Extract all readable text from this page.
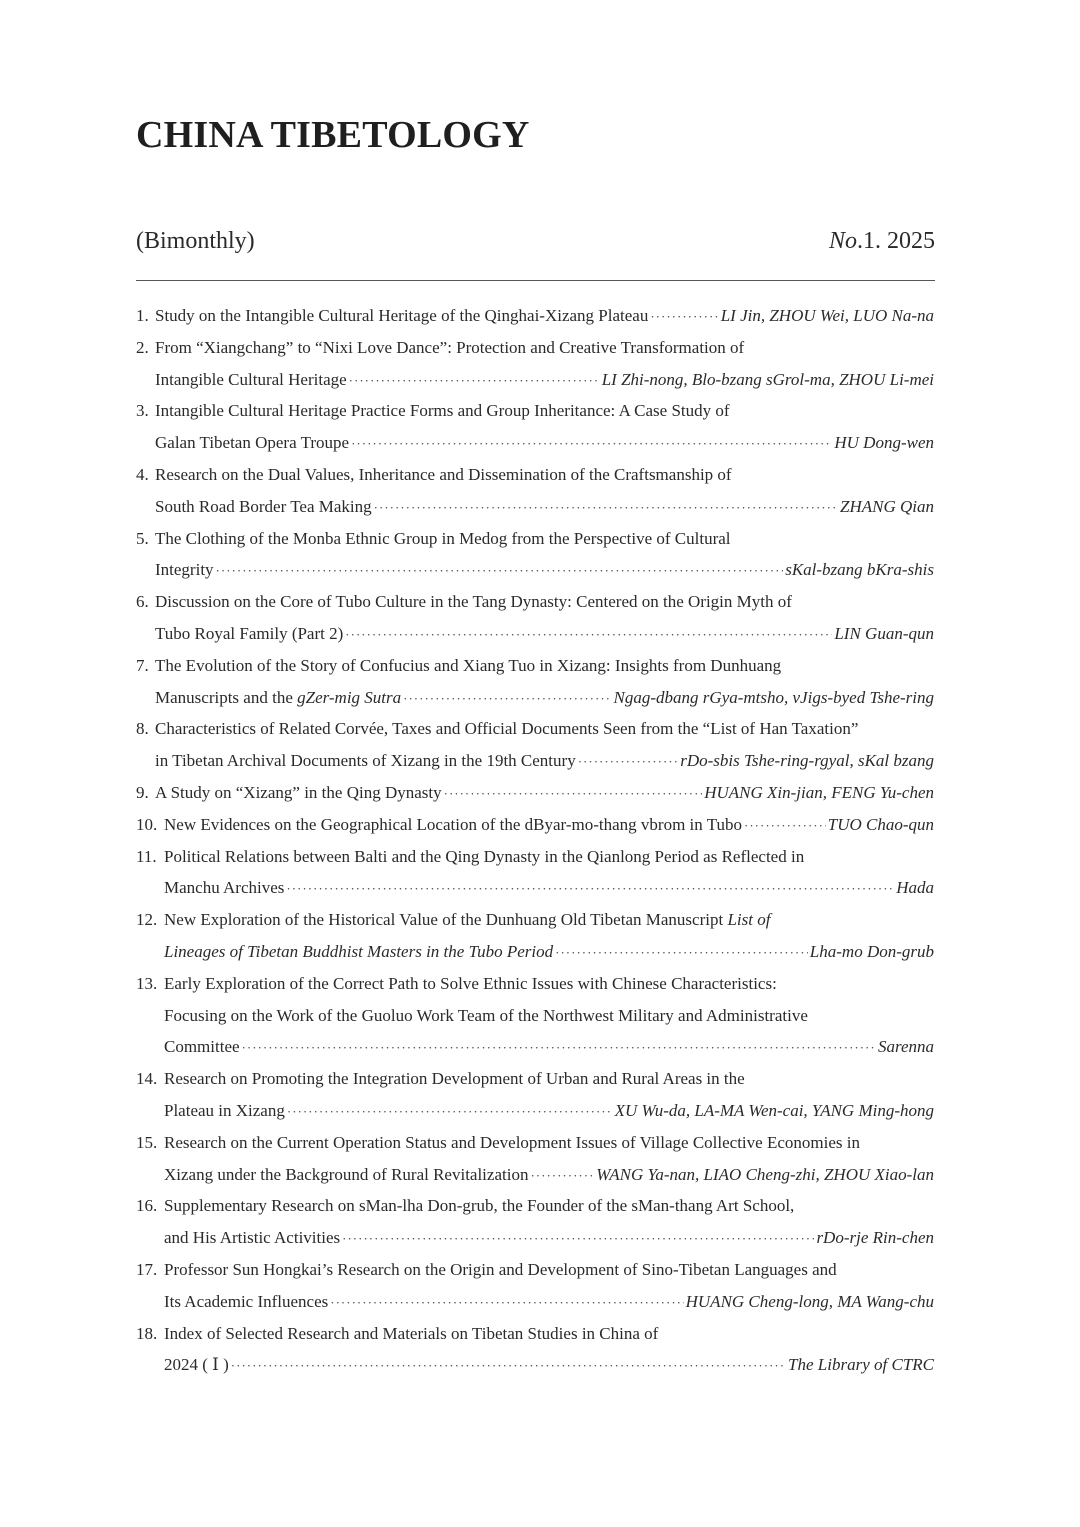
CHINA TIBETOLOGY
(Bimonthly)	No.1. 2025
1. Study on the Intangible Cultural Heritage of the Qinghai-Xizang Plateau ·····	LI Jin, ZHOU Wei, LUO Na-na
2. From “Xiangchang” to “Nixi Love Dance”: Protection and Creative Transformation of
Intangible Cultural Heritage ·····	LI Zhi-nong, Blo-bzang sGrol-ma, ZHOU Li-mei
3. Intangible Cultural Heritage Practice Forms and Group Inheritance: A Case Study of
Galan Tibetan Opera Troupe ·····	HU Dong-wen
4. Research on the Dual Values, Inheritance and Dissemination of the Craftsmanship of
South Road Border Tea Making ·····	ZHANG Qian
5. The Clothing of the Monba Ethnic Group in Medog from the Perspective of Cultural
Integrity ·····	sKal-bzang bKra-shis
6. Discussion on the Core of Tubo Culture in the Tang Dynasty: Centered on the Origin Myth of
Tubo Royal Family (Part 2) ·····	LIN Guan-qun
7. The Evolution of the Story of Confucius and Xiang Tuo in Xizang: Insights from Dunhuang
Manuscripts and the gZer-mig Sutra ·····	Ngag-dbang rGya-mtsho, vJigs-byed Tshe-ring
8. Characteristics of Related Corvée, Taxes and Official Documents Seen from the “List of Han Taxation”
in Tibetan Archival Documents of Xizang in the 19th Century ·····	rDo-sbis Tshe-ring-rgyal, sKal bzang
9. A Study on “Xizang” in the Qing Dynasty ·····	HUANG Xin-jian, FENG Yu-chen
10. New Evidences on the Geographical Location of the dByar-mo-thang vbrom in Tubo ·····	TUO Chao-qun
11. Political Relations between Balti and the Qing Dynasty in the Qianlong Period as Reflected in
Manchu Archives ·····	Hada
12. New Exploration of the Historical Value of the Dunhuang Old Tibetan Manuscript List of
Lineages of Tibetan Buddhist Masters in the Tubo Period ·····	Lha-mo Don-grub
13. Early Exploration of the Correct Path to Solve Ethnic Issues with Chinese Characteristics:
Focusing on the Work of the Guoluo Work Team of the Northwest Military and Administrative
Committee ·····	Sarenna
14. Research on Promoting the Integration Development of Urban and Rural Areas in the
Plateau in Xizang ·····	XU Wu-da, LA-MA Wen-cai, YANG Ming-hong
15. Research on the Current Operation Status and Development Issues of Village Collective Economies in
Xizang under the Background of Rural Revitalization ·····	WANG Ya-nan, LIAO Cheng-zhi, ZHOU Xiao-lan
16. Supplementary Research on sMan-lha Don-grub, the Founder of the sMan-thang Art School,
and His Artistic Activities ·····	rDo-rje Rin-chen
17. Professor Sun Hongkai’s Research on the Origin and Development of Sino-Tibetan Languages and
Its Academic Influences ·····	HUANG Cheng-long, MA Wang-chu
18. Index of Selected Research and Materials on Tibetan Studies in China of
2024 ( Ⅰ ) ·····	The Library of CTRC
